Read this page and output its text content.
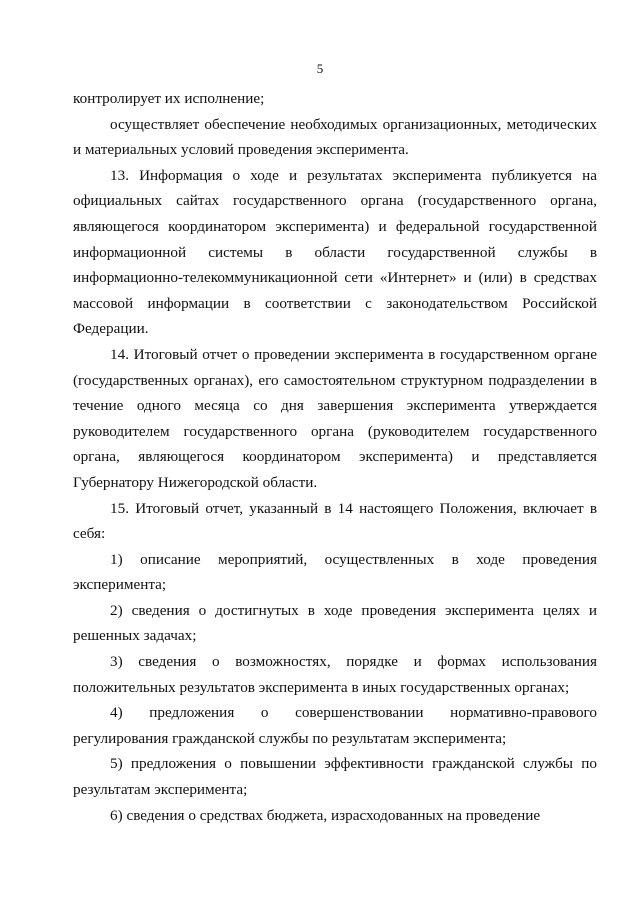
5

контролирует их исполнение;

осуществляет обеспечение необходимых организационных, методических и материальных условий проведения эксперимента.

13. Информация о ходе и результатах эксперимента публикуется на официальных сайтах государственного органа (государственного органа, являющегося координатором эксперимента) и федеральной государственной информационной системы в области государственной службы в информационно-телекоммуникационной сети «Интернет» и (или) в средствах массовой информации в соответствии с законодательством Российской Федерации.

14. Итоговый отчет о проведении эксперимента в государственном органе (государственных органах), его самостоятельном структурном подразделении в течение одного месяца со дня завершения эксперимента утверждается руководителем государственного органа (руководителем государственного органа, являющегося координатором эксперимента) и представляется Губернатору Нижегородской области.

15. Итоговый отчет, указанный в 14 настоящего Положения, включает в себя:

1) описание мероприятий, осуществленных в ходе проведения эксперимента;

2) сведения о достигнутых в ходе проведения эксперимента целях и решенных задачах;

3) сведения о возможностях, порядке и формах использования положительных результатов эксперимента в иных государственных органах;

4) предложения о совершенствовании нормативно-правового регулирования гражданской службы по результатам эксперимента;

5) предложения о повышении эффективности гражданской службы по результатам эксперимента;

6) сведения о средствах бюджета, израсходованных на проведение
